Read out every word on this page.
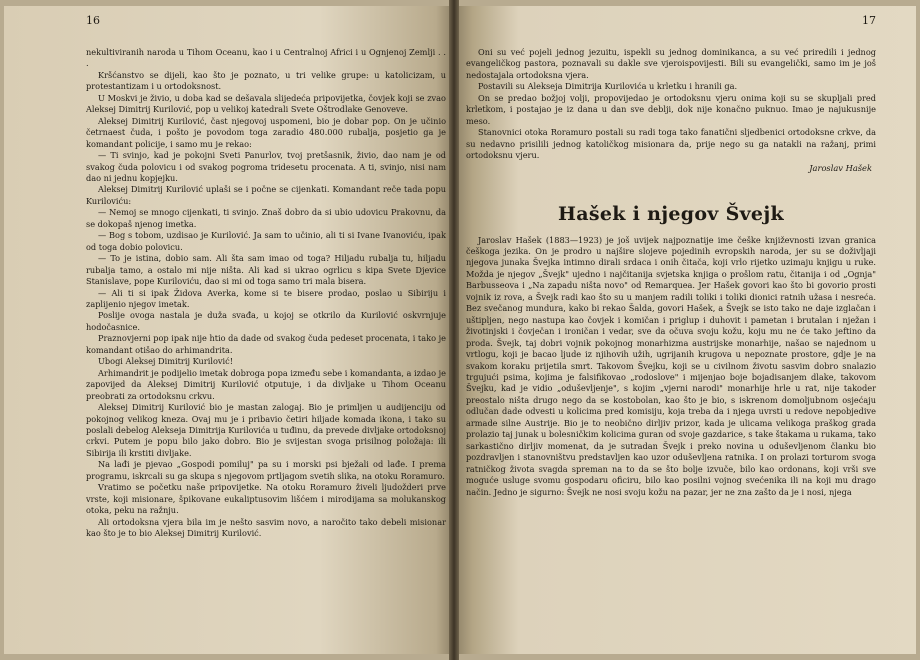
16

nekultiviranih naroda u Tihom Oceanu, kao i u Centralnoj Africi i u Ognjenoj Zemlji . . .

Kršćanstvo se dijeli, kao što je poznato, u tri velike grupe: u katolicizam, u protestantizam i u ortodoksnost.

U Moskvi je živio, u doba kad se dešavala slijedeća pripovijetka, čovjek koji se zvao Aleksej Dimitrij Kurilović, pop u velikoj katedrali Svete Oštrodlake Genoveve.

Aleksej Dimitrij Kurilović, čast njegovoj uspomeni, bio je dobar pop. On je učinio četrnaest čuda, i pošto je povodom toga zaradio 480.000 rubalja, posjetio ga je komandant policije, i samo mu je rekao:

— Ti svinjo, kad je pokojni Sveti Panurlov, tvoj pretšasnik, živio, dao nam je od svakog čuda polovicu i od svakog pogroma tridesetu procenata. A ti, svinjo, nisi nam dao ni jednu kopjejku.

Aleksej Dimitrij Kurilović uplaši se i počne se cijenkati. Komandant reče tada popu Kuriloviću:

— Nemoj se mnogo cijenkati, ti svinjo. Znaš dobro da si ubio udovicu Prakovnu, da se dokopaš njenog imetka.

— Bog s tobom, uzdisao je Kurilović. Ja sam to učinio, ali ti si Ivane Ivanoviću, ipak od toga dobio polovicu.

— To je istina, dobio sam. Ali šta sam imao od toga? Hiljadu rubalja tu, hiljadu rubalja tamo, a ostalo mi nije ništa. Ali kad si ukrao ogrlicu s kipa Svete Djevice Stanislave, pope Kuriloviću, dao si mi od toga samo tri mala bisera.

— Ali ti si ipak Židova Averka, kome si te bisere prodao, poslao u Sibiriju i zaplijenio njegov imetak.

Poslije ovoga nastala je duža svađa, u kojoj se otkrilo da Kurilović oskvrnjuje hodočasnice.

Praznovjerni pop ipak nije htio da dade od svakog čuda pedeset procenata, i tako je komandant otišao do arhimandrita.

Ubogi Aleksej Dimitrij Kurilović!

Arhimandrit je podijelio imetak dobroga popa između sebe i komandanta, a izdao je zapovijed da Aleksej Dimitrij Kurilović otputuje, i da divljake u Tihom Oceanu preobrati za ortodoksnu crkvu.

Aleksej Dimitrij Kurilović bio je mastan zalogaj. Bio je primljen u audijenciju od pokojnog velikog kneza. Ovaj mu je i pribavio četiri hiljade komada ikona, i tako su poslali debelog Alekseja Dimitrija Kurilovića u tuđinu, da prevede divljake ortodoksnoj crkvi. Putem je popu bilo jako dobro. Bio je svijestan svoga prisilnog položaja: ili Sibirija ili krstiti divljake.

Na lađi je pjevao „Gospodi pomiluj" pa su i morski psi bježali od lađe. I prema programu, iskrcali su ga skupa s njegovom prtljagom svetih slika, na otoku Roramuro.

Vratimo se početku naše pripovijetke. Na otoku Roramuro živeli ljudožderi prve vrste, koji misionare, špikovane eukaliptusovim lišćem i mirodijama sa molukanskog otoka, peku na ražnju.

Ali ortodoksna vjera bila im je nešto sasvim novo, a naročito tako debeli misionar kao što je to bio Aleksej Dimitrij Kurilović.

17

Oni su već pojeli jednog jezuitu, ispekli su jednog dominikanca, a su već priredili i jednog evangeličkog pastora, poznavali su dakle sve vjeroispovijesti. Bili su evangelički, samo im je još nedostajala ortodoksna vjera.

Postavili su Alekseja Dimitrija Kurilovića u krletku i hranili ga.

On se predao božjoj volji, propovijedao je ortodoksnu vjeru onima koji su se skupljali pred krletkom, i postajao je iz dana u dan sve deblji, dok nije konačno puknuo. Imao je najukusnije meso.

Stanovnici otoka Roramuro postali su radi toga tako fanatični sljedbenici ortodoksne crkve, da su nedavno prisilili jednog katoličkog misionara da, prije nego su ga natakli na ražanj, primi ortodoksnu vjeru.

Jaroslav Hašek
Hašek i njegov Švejk

Jaroslav Hašek (1883—1923) je još uvijek najpoznatije ime češke književnosti izvan granica češkoga jezika. On je prodro u najšire slojeve pojedinih evropskih naroda, jer su se doživljaji njegova junaka Švejka intimno dirali srdaca i onih čitača, koji vrlo rijetko uzimaju knjigu u ruke. Možda je njegov „Švejk" ujedno i najčitanija svjetska knjiga o prošlom ratu, čitanija i od „Ognja" Barbusseova i „Na zapadu ništa novo" od Remarquea. Jer Hašek govori kao što bi govorio prosti vojnik iz rova, a Švejk radi kao što su u manjem radili toliki i toliki dionici ratnih užasa i nesreća. Bez svečanog mundura, kako bi rekao Šalda, govori Hašek, a Švejk se isto tako ne daje izglačan i uštipljen, nego nastupa kao čovjek i komičan i priglup i duhovit i pametan i brutalan i nježan i životinjski i čovječan i ironičan i vedar, sve da očuva svoju kožu, koju mu ne će tako jeftino da proda. Švejk, taj dobri vojnik pokojnog monarhizma austrijske monarhije, našao se najednom u vrtlogu, koji je bacao ljude iz njihovih užih, ugrijanih krugova u nepoznate prostore, gdje je na svakom koraku prijetila smrt. Takovom Švejku, koji se u civilnom životu sasvim dobro snalazio trgujući psima, kojima je falsifikovao „rodoslove" i mijenjao boje bojadisanjem dlake, takovom Švejku, kad je vidio „oduševljenje", s kojim „vjerni narodi" monarhije hrle u rat, nije takoder preostalo ništa drugo nego da se kostobolan, kao što je bio, s iskrenom domoljubnom osjećaju odlučan dade odvesti u kolicima pred komisiju, koja treba da i njega uvrsti u redove nepobjedive armade silne Austrije. Bio je to neobično dirljiv prizor, kada je ulicama velikoga praškog grada prolazio taj junak u bolesničkim kolicima guran od svoje gazdarice, s take štakama u rukama, tako sarkastično dirljiv momenat, da je sutradan Švejk i preko novina u oduševljenom članku bio pozdravljen i stanovništvu predstavljen kao uzor oduševljena ratnika. I on prolazi torturom svoga ratničkog života svagda spreman na to da se što bolje izvuče, bilo kao ordonans, koji vrši sve moguće usluge svomu gospodaru oficiru, bilo kao posilni vojnog svećenika ili na koji mu drago način. Jedno je sigurno: Švejk ne nosi svoju kožu na pazar, jer ne zna zašto da je i nosi, njega
